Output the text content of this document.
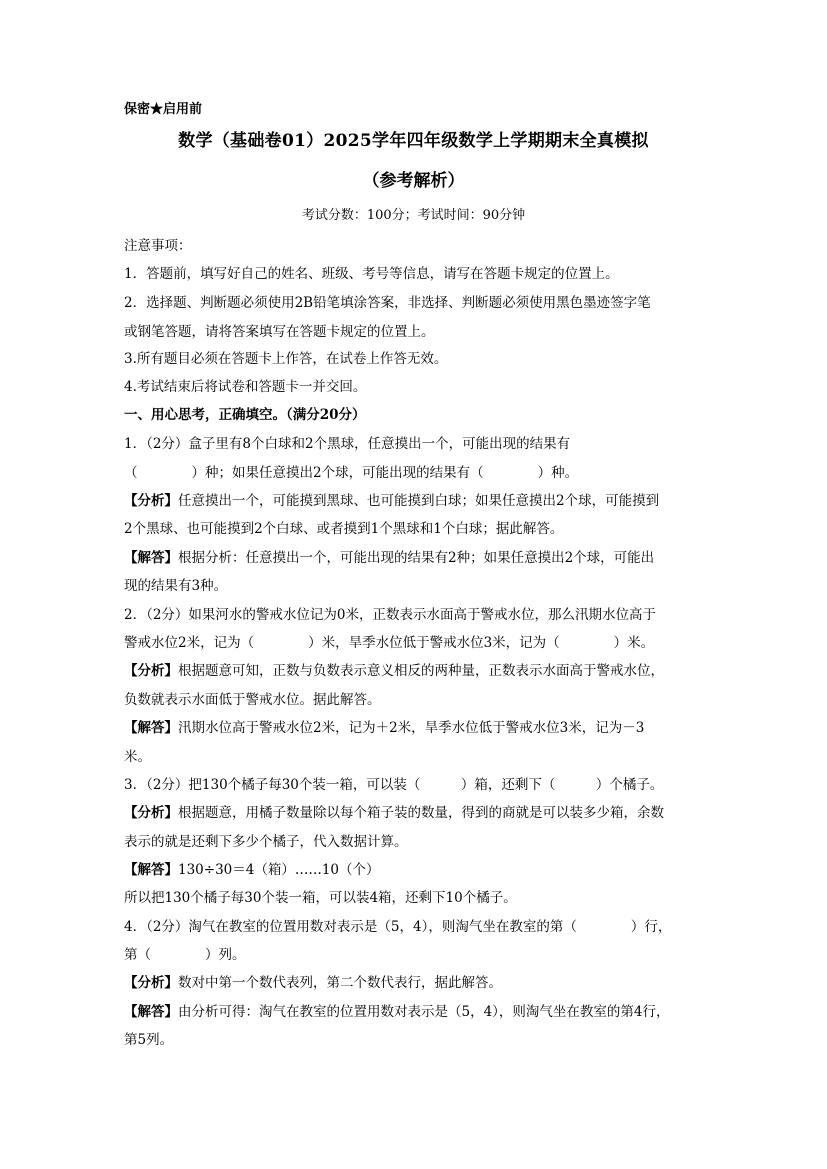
保密★启用前
数学（基础卷01）2025学年四年级数学上学期期末全真模拟
（参考解析）
考试分数：100分；考试时间：90分钟
注意事项：
1．答题前，填写好自己的姓名、班级、考号等信息，请写在答题卡规定的位置上。
2．选择题、判断题必须使用2B铅笔填涂答案，非选择、判断题必须使用黑色墨迹签字笔
或钢笔答题，请将答案填写在答题卡规定的位置上。
3.所有题目必须在答题卡上作答，在试卷上作答无效。
4.考试结束后将试卷和答题卡一并交回。
一、用心思考，正确填空。（满分20分）
1．（2分）盒子里有8个白球和2个黑球，任意摸出一个，可能出现的结果有
（　　　　）种；如果任意摸出2个球，可能出现的结果有（　　　　）种。
【分析】任意摸出一个，可能摸到黑球、也可能摸到白球；如果任意摸出2个球，可能摸到
2个黑球、也可能摸到2个白球、或者摸到1个黑球和1个白球；据此解答。
【解答】根据分析：任意摸出一个，可能出现的结果有2种；如果任意摸出2个球，可能出
现的结果有3种。
2．（2分）如果河水的警戒水位记为0米，正数表示水面高于警戒水位，那么汛期水位高于
警戒水位2米，记为（　　　　）米，旱季水位低于警戒水位3米，记为（　　　　）米。
【分析】根据题意可知，正数与负数表示意义相反的两种量，正数表示水面高于警戒水位，
负数就表示水面低于警戒水位。据此解答。
【解答】汛期水位高于警戒水位2米，记为＋2米，旱季水位低于警戒水位3米，记为－3
米。
3．（2分）把130个橘子每30个装一箱，可以装（　　　）箱，还剩下（　　　）个橘子。
【分析】根据题意，用橘子数量除以每个箱子装的数量，得到的商就是可以装多少箱，余数
表示的就是还剩下多少个橘子，代入数据计算。
【解答】130÷30＝4（箱）……10（个）
所以把130个橘子每30个装一箱，可以装4箱，还剩下10个橘子。
4．（2分）淘气在教室的位置用数对表示是（5，4），则淘气坐在教室的第（　　　　）行，
第（　　　　）列。
【分析】数对中第一个数代表列，第二个数代表行，据此解答。
【解答】由分析可得：淘气在教室的位置用数对表示是（5，4），则淘气坐在教室的第4行，
第5列。
